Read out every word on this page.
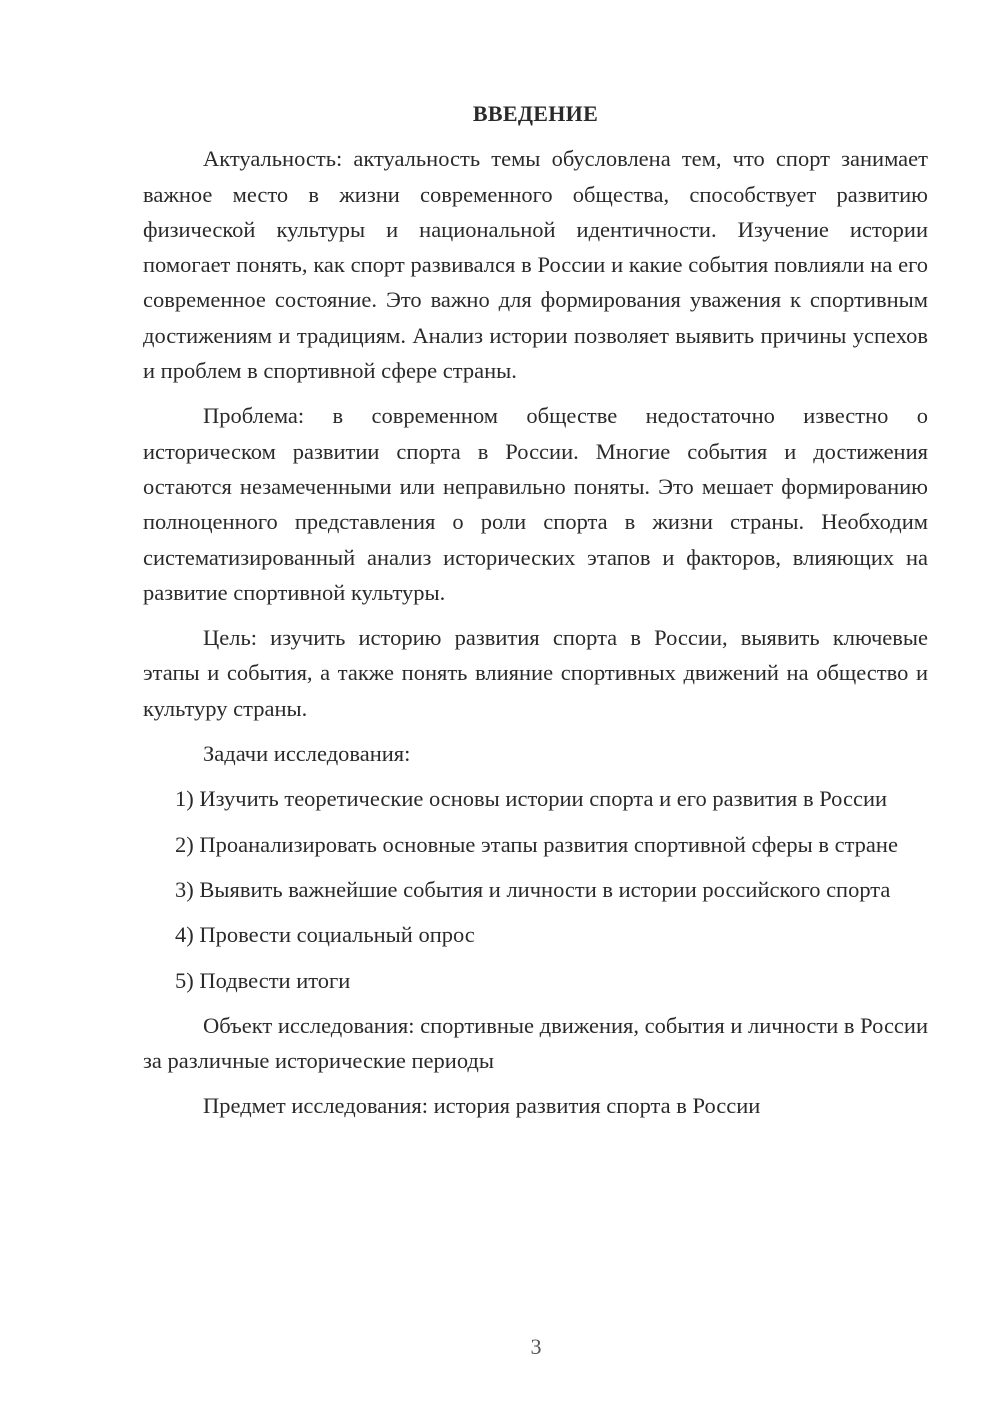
ВВЕДЕНИЕ

Актуальность: актуальность темы обусловлена тем, что спорт занимает важное место в жизни современного общества, способствует развитию физической культуры и национальной идентичности. Изучение истории помогает понять, как спорт развивался в России и какие события повлияли на его современное состояние. Это важно для формирования уважения к спортивным достижениям и традициям. Анализ истории позволяет выявить причины успехов и проблем в спортивной сфере страны.

Проблема: в современном обществе недостаточно известно о историческом развитии спорта в России. Многие события и достижения остаются незамеченными или неправильно поняты. Это мешает формированию полноценного представления о роли спорта в жизни страны. Необходим систематизированный анализ исторических этапов и факторов, влияющих на развитие спортивной культуры.

Цель: изучить историю развития спорта в России, выявить ключевые этапы и события, а также понять влияние спортивных движений на общество и культуру страны.

Задачи исследования:

1) Изучить теоретические основы истории спорта и его развития в России

2) Проанализировать основные этапы развития спортивной сферы в стране

3) Выявить важнейшие события и личности в истории российского спорта

4) Провести социальный опрос

5) Подвести итоги

Объект исследования: спортивные движения, события и личности в России за различные исторические периоды

Предмет исследования: история развития спорта в России

3
